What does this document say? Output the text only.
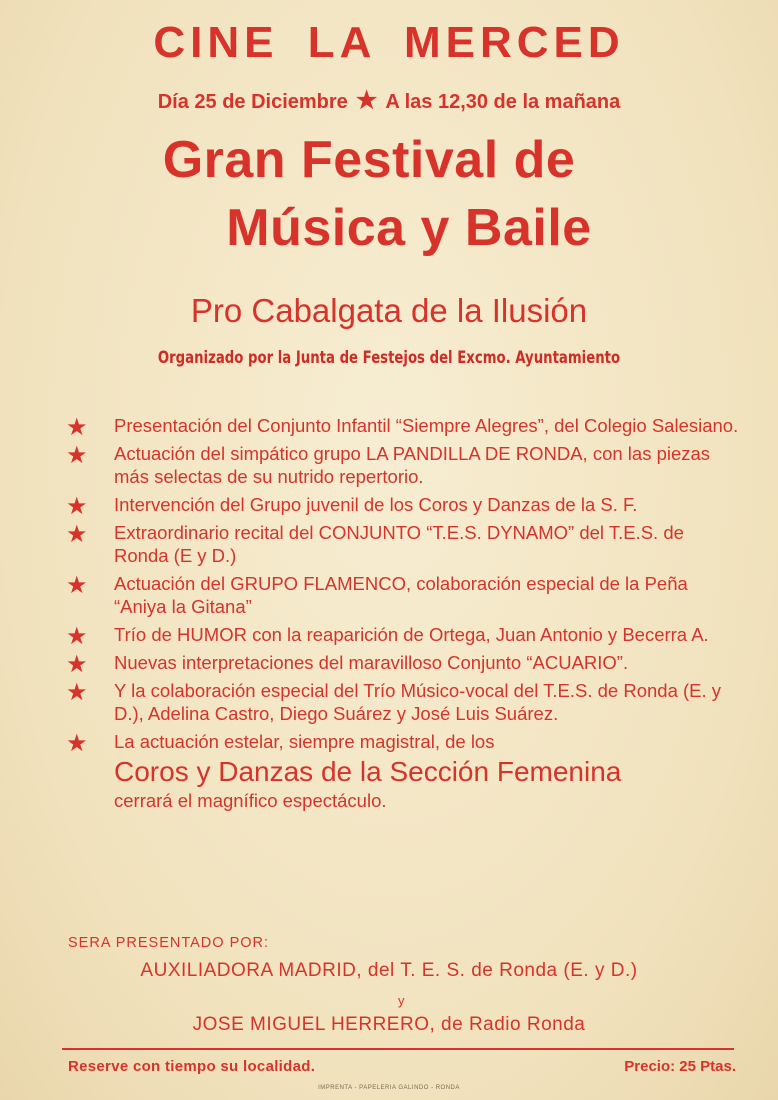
CINE LA MERCED
Día 25 de Diciembre ★ A las 12,30 de la mañana
Gran Festival de
Música y Baile
Pro Cabalgata de la Ilusión
Organizado por la Junta de Festejos del Excmo. Ayuntamiento
★ Presentación del Conjunto Infantil “Siempre Alegres”, del Colegio Salesiano.
★ Actuación del simpático grupo LA PANDILLA DE RONDA, con las piezas más selectas de su nutrido repertorio.
★ Intervención del Grupo juvenil de los Coros y Danzas de la S. F.
★ Extraordinario recital del CONJUNTO “T.E.S. DYNAMO” del T.E.S. de Ronda (E y D.)
★ Actuación del GRUPO FLAMENCO, colaboración especial de la Peña “Aniya la Gitana”
★ Trío de HUMOR con la reaparición de Ortega, Juan Antonio y Becerra A.
★ Nuevas interpretaciones del maravilloso Conjunto “ACUARIO”.
★ Y la colaboración especial del Trío Músico-vocal del T.E.S. de Ronda (E. y D.), Adelina Castro, Diego Suárez y José Luis Suárez.
★ La actuación estelar, siempre magistral, de los
Coros y Danzas de la Sección Femenina
cerrará el magnífico espectáculo.
SERA PRESENTADO POR:
AUXILIADORA MADRID, del T. E. S. de Ronda (E. y D.)
y
JOSE MIGUEL HERRERO, de Radio Ronda
Reserve con tiempo su localidad.	Precio: 25 Ptas.
IMPRENTA - PAPELERIA GALINDO - RONDA
